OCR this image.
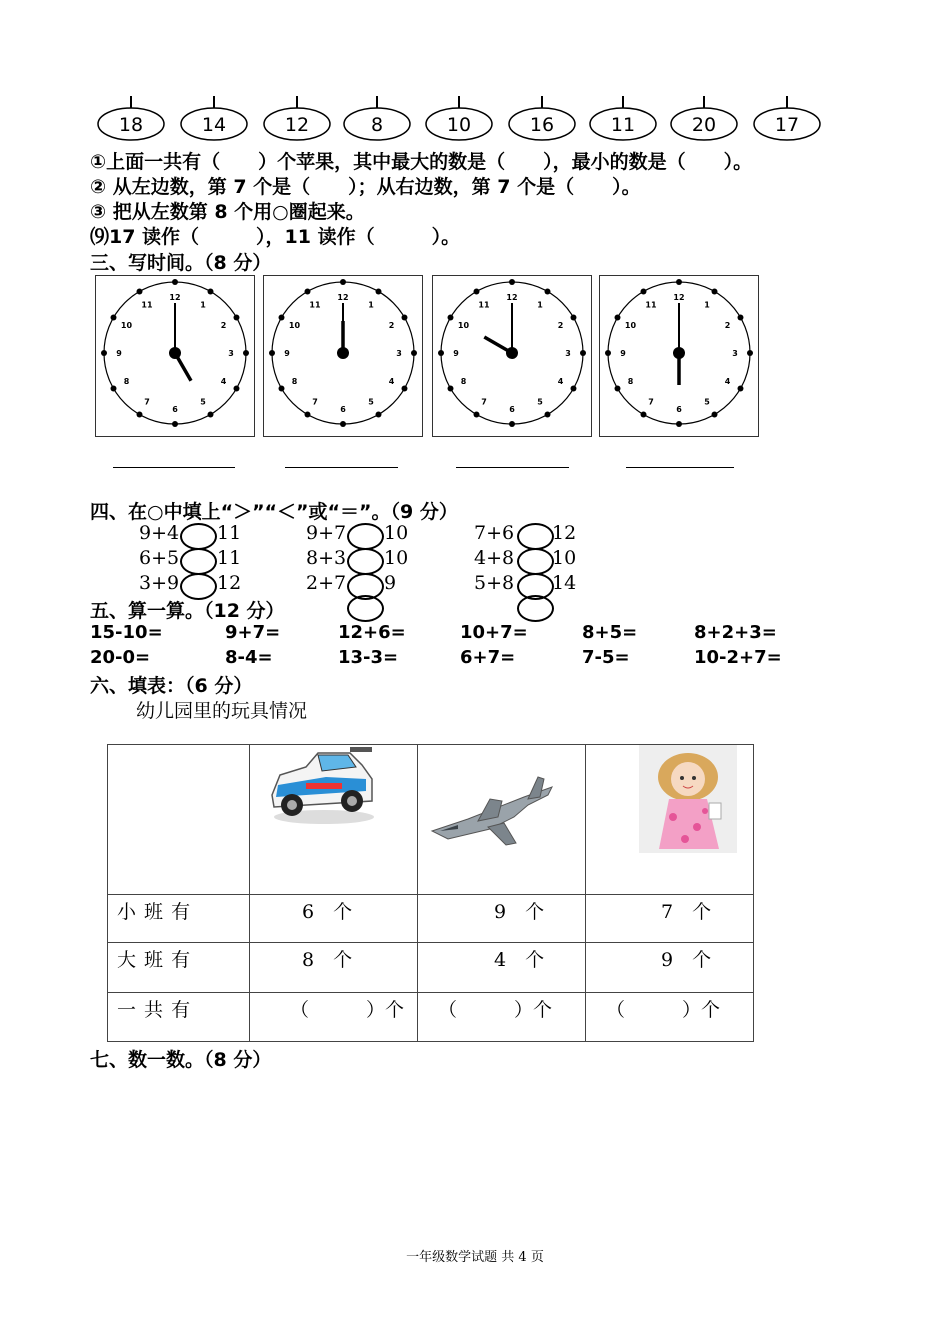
18	14	12	8	10	16	11	20	17
①上面一共有（　　）个苹果，其中最大的数是（　　），最小的数是（　　）。
② 从左边数，第 7 个是（　　）；从右边数，第 7 个是（　　）。
③ 把从左数第 8 个用○圈起来。
⑼17 读作（　　　），11 读作（　　　）。
三、写时间。（8 分）
12
1
2
3
4
5
6
7
8
9
10
11
12
1
2
3
4
5
6
7
8
9
10
11
12
1
2
3
4
5
6
7
8
9
10
11
12
1
2
3
4
5
6
7
8
9
10
11
四、在○中填上“＞”“＜”或“＝”。（9 分）
9+4 11
6+5 11
3+9 12
9+7 10
8+3 10
2+7 9
7+6 12
4+8 10
5+8 14
五、算一算。（12 分）
15-10=	9+7=	12+6=	10+7=	8+5=	8+2+3=
20-0=	8-4=	13-3=	6+7=	7-5=	10-2+7=
六、填表：（6 分）
幼儿园里的玩具情况

小 班 有	6　个	9　个	7　个
大 班 有	8　个	4　个	9　个
一 共 有	（　　　）个	（　　　）个	（　　　）个
七、数一数。（8 分）
一年级数学试题 共 4 页
